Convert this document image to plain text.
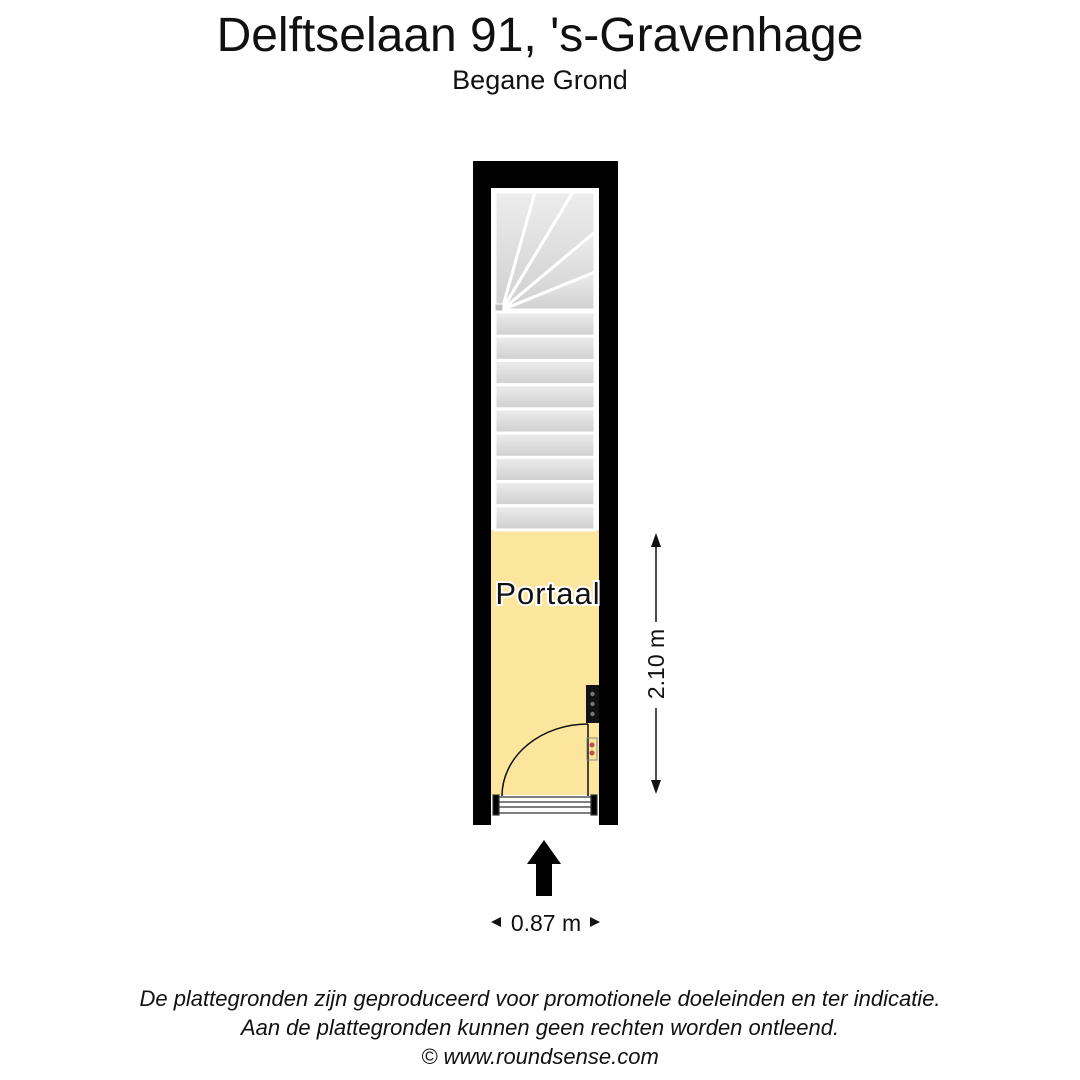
Delftselaan 91, 's-Gravenhage
Begane Grond
Portaal
2.10 m
0.87 m
De plattegronden zijn geproduceerd voor promotionele doeleinden en ter indicatie.
Aan de plattegronden kunnen geen rechten worden ontleend.
© www.roundsense.com
